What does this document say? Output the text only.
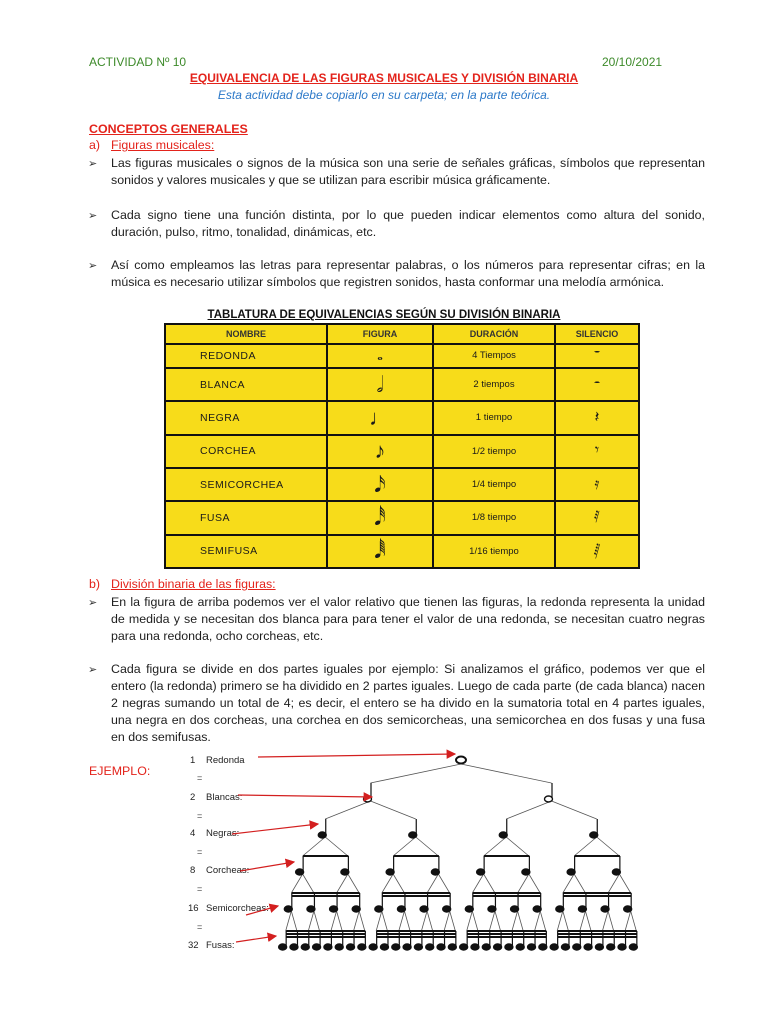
ACTIVIDAD Nº 10	20/10/2021
EQUIVALENCIA DE LAS FIGURAS MUSICALES Y DIVISIÓN BINARIA
Esta actividad debe copiarlo en su carpeta; en la parte teórica.
CONCEPTOS GENERALES
a) Figuras musicales:
➢ Las figuras musicales o signos de la música son una serie de señales gráficas, símbolos que representan sonidos y valores musicales y que se utilizan para escribir música gráficamente.
➢ Cada signo tiene una función distinta, por lo que pueden indicar elementos como altura del sonido, duración, pulso, ritmo, tonalidad, dinámicas, etc.
➢ Así como empleamos las letras para representar palabras, o los números para representar cifras; en la música es necesario utilizar símbolos que registren sonidos, hasta conformar una melodía armónica.
TABLATURA DE EQUIVALENCIAS SEGÚN SU DIVISIÓN BINARIA
NOMBRE	FIGURA	DURACIÓN	SILENCIO
REDONDA	𝅝	4 Tiempos	𝄻
BLANCA	𝅗𝅥	2 tiempos	𝄼
NEGRA	♩	1 tiempo	𝄽
CORCHEA	♪	1/2 tiempo	𝄾
SEMICORCHEA	𝅘𝅥𝅯	1/4 tiempo	𝄿
FUSA	𝅘𝅥𝅰	1/8 tiempo	𝅀
SEMIFUSA	𝅘𝅥𝅱	1/16 tiempo	𝅁
b) División binaria de las figuras:
➢ En la figura de arriba podemos ver el valor relativo que tienen las figuras, la redonda representa la unidad de medida y se necesitan dos blanca para para tener el valor de una redonda, se necesitan cuatro negras para una redonda, ocho corcheas, etc.
➢ Cada figura se divide en dos partes iguales por ejemplo: Si analizamos el gráfico, podemos ver que el entero (la redonda) primero se ha dividido en 2 partes iguales. Luego de cada parte (de cada blanca) nacen 2 negras sumando un total de 4; es decir, el entero se ha divido en la sumatoria total en 4 partes iguales, una negra en dos corcheas, una corchea en dos semicorcheas, una semicorchea en dos fusas y una fusa en dos semifusas.
EJEMPLO:
1 Redonda
=
2 Blancas:
=
4 Negras:
=
8 Corcheas:
=
16 Semicorcheas:
=
32 Fusas:
